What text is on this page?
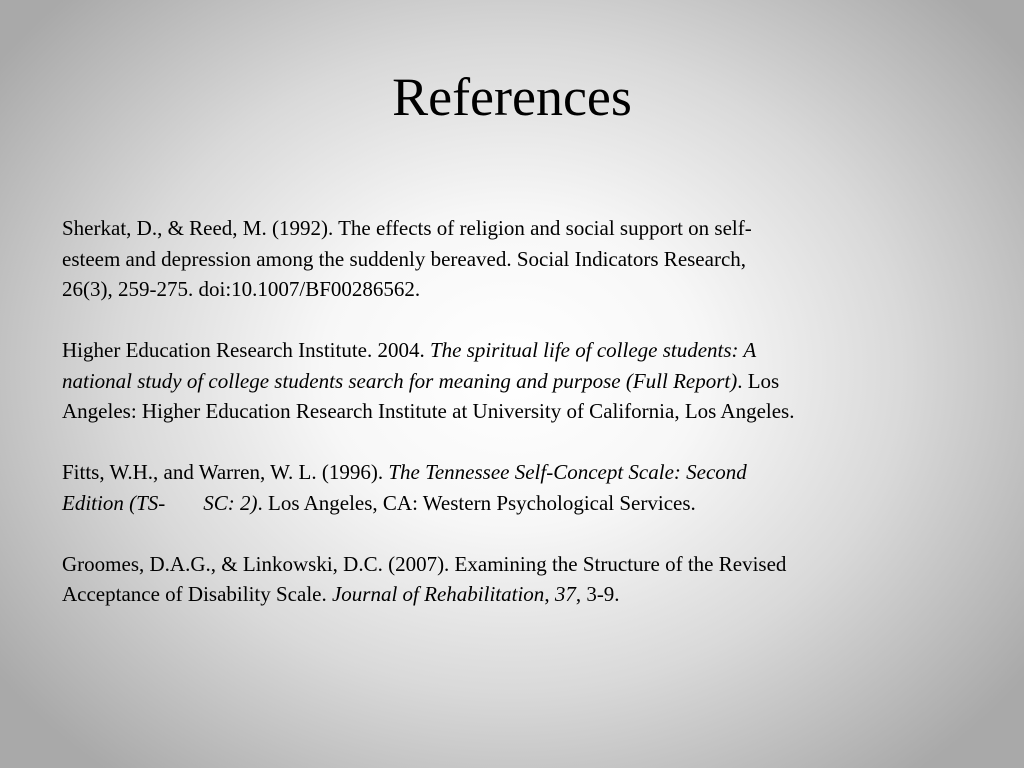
References

Sherkat, D., & Reed, M. (1992). The effects of religion and social support on self-
esteem and depression among the suddenly bereaved. Social Indicators Research,
26(3), 259-275. doi:10.1007/BF00286562.

Higher Education Research Institute. 2004. The spiritual life of college students: A
national study of college students search for meaning and purpose (Full Report). Los
Angeles: Higher Education Research Institute at University of California, Los Angeles.

Fitts, W.H., and Warren, W. L. (1996). The Tennessee Self-Concept Scale: Second
Edition (TS- SC: 2). Los Angeles, CA: Western Psychological Services.

Groomes, D.A.G., & Linkowski, D.C. (2007). Examining the Structure of the Revised
Acceptance of Disability Scale. Journal of Rehabilitation, 37, 3-9.
